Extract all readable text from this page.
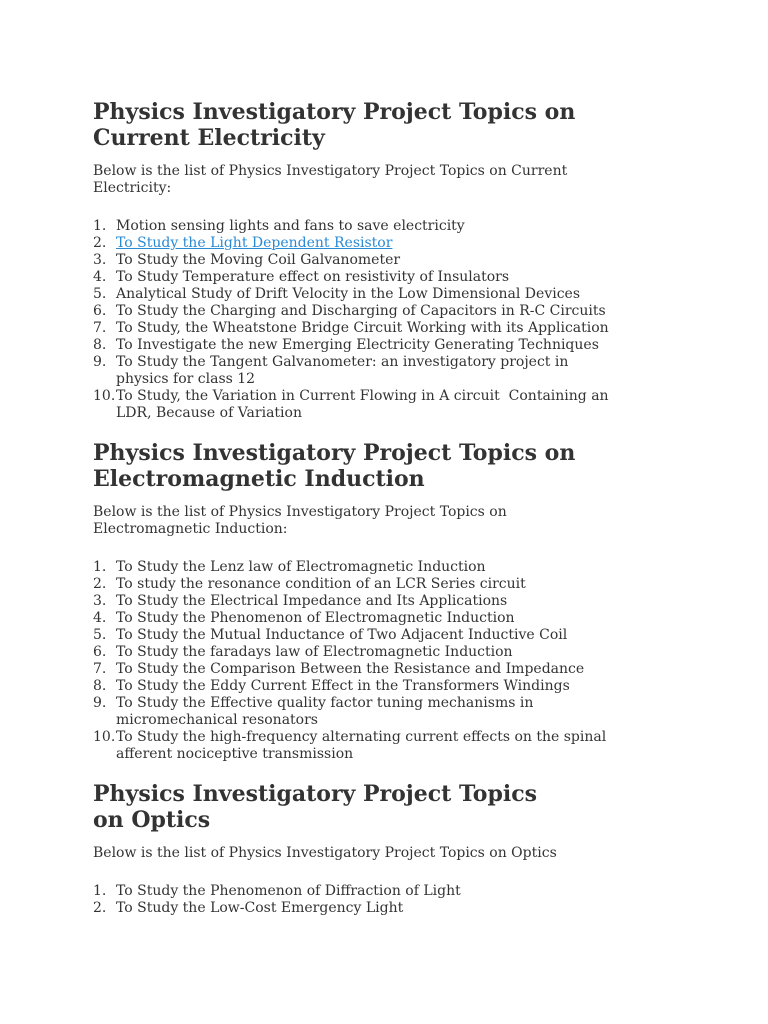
Physics Investigatory Project Topics on
Current Electricity

Below is the list of Physics Investigatory Project Topics on Current
Electricity:

1. Motion sensing lights and fans to save electricity
2. To Study the Light Dependent Resistor
3. To Study the Moving Coil Galvanometer
4. To Study Temperature effect on resistivity of Insulators
5. Analytical Study of Drift Velocity in the Low Dimensional Devices
6. To Study the Charging and Discharging of Capacitors in R-C Circuits
7. To Study, the Wheatstone Bridge Circuit Working with its Application
8. To Investigate the new Emerging Electricity Generating Techniques
9. To Study the Tangent Galvanometer: an investigatory project in
physics for class 12
10. To Study, the Variation in Current Flowing in A circuit  Containing an
LDR, Because of Variation
Physics Investigatory Project Topics on
Electromagnetic Induction

Below is the list of Physics Investigatory Project Topics on
Electromagnetic Induction:

1. To Study the Lenz law of Electromagnetic Induction
2. To study the resonance condition of an LCR Series circuit
3. To Study the Electrical Impedance and Its Applications
4. To Study the Phenomenon of Electromagnetic Induction
5. To Study the Mutual Inductance of Two Adjacent Inductive Coil
6. To Study the faradays law of Electromagnetic Induction
7. To Study the Comparison Between the Resistance and Impedance
8. To Study the Eddy Current Effect in the Transformers Windings
9. To Study the Effective quality factor tuning mechanisms in
micromechanical resonators
10. To Study the high-frequency alternating current effects on the spinal
afferent nociceptive transmission
Physics Investigatory Project Topics
on Optics

Below is the list of Physics Investigatory Project Topics on Optics

1. To Study the Phenomenon of Diffraction of Light
2. To Study the Low-Cost Emergency Light
